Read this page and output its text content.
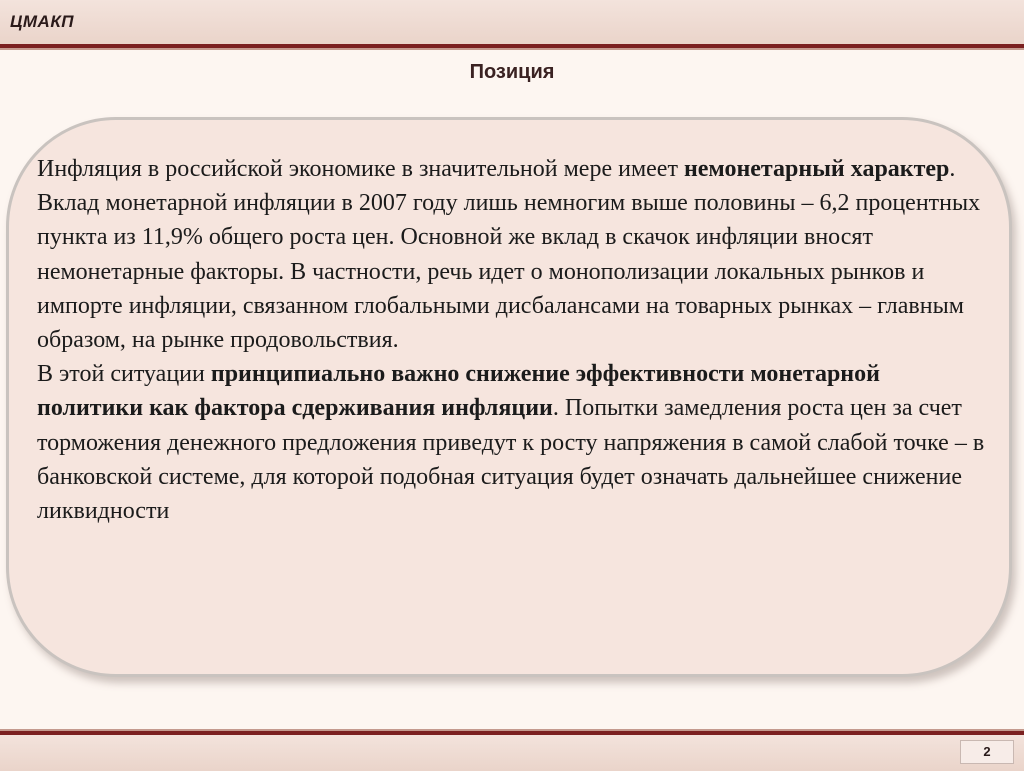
ЦМАКП
Позиция

Инфляция в российской экономике в значительной мере имеет немонетарный характер.

Вклад монетарной инфляции в 2007 году лишь немногим выше половины – 6,2 процентных пункта из 11,9% общего роста цен. Основной же вклад в скачок инфляции вносят немонетарные факторы. В частности, речь идет о монополизации локальных рынков и импорте инфляции, связанном глобальными дисбалансами на товарных рынках – главным образом, на рынке продовольствия.

В этой ситуации принципиально важно снижение эффективности монетарной политики как фактора сдерживания инфляции. Попытки замедления роста цен за счет торможения денежного предложения приведут к росту напряжения в самой слабой точке – в банковской системе, для которой подобная ситуация будет означать дальнейшее снижение ликвидности

2
